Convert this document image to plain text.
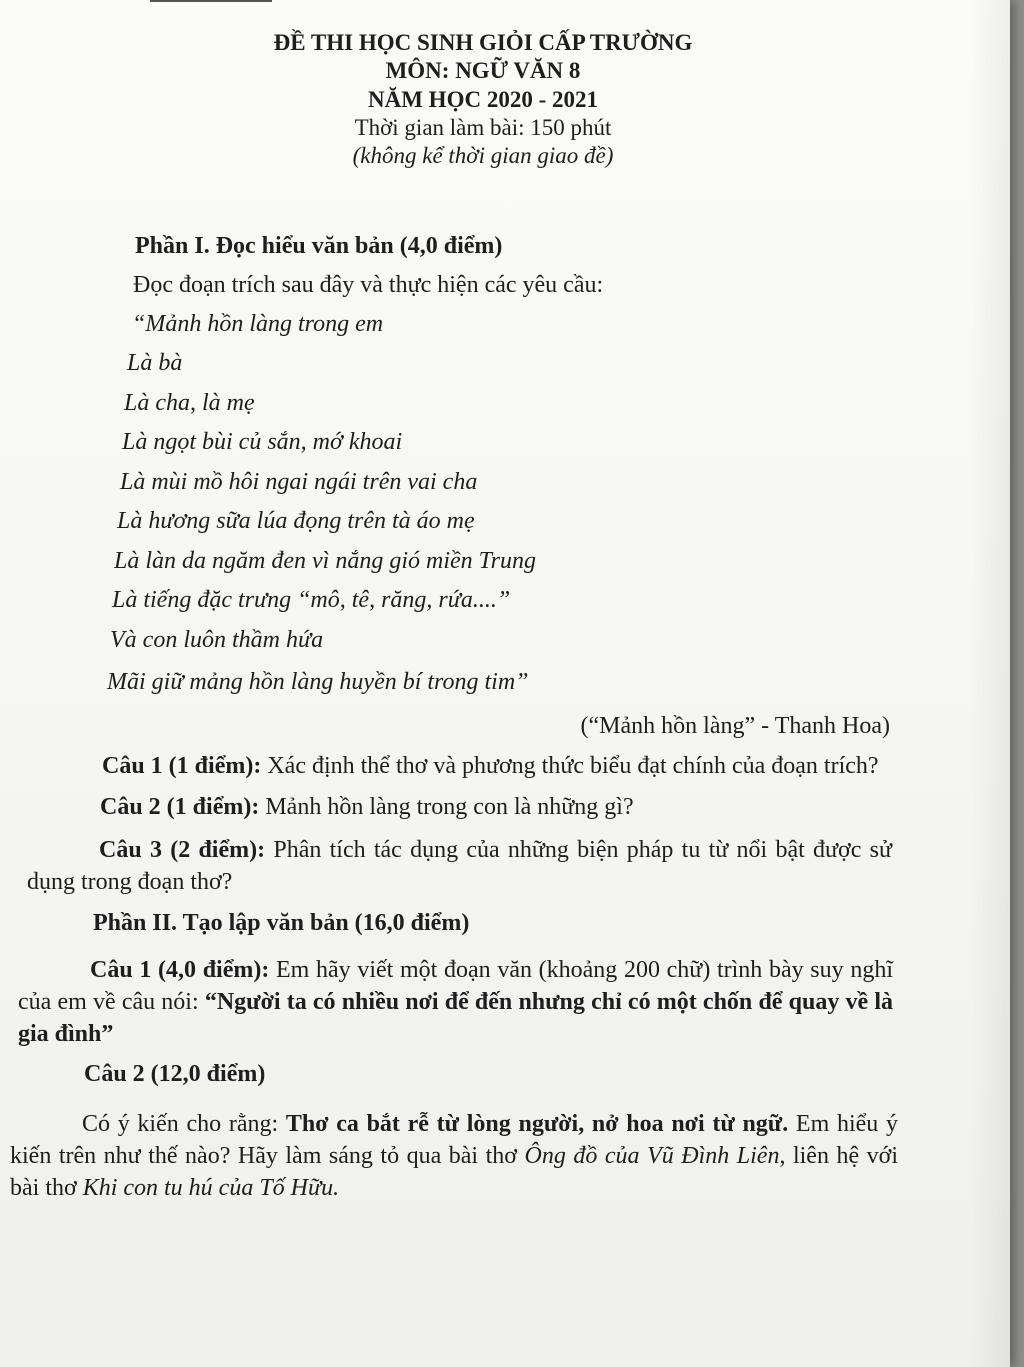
ĐỀ THI HỌC SINH GIỎI CẤP TRƯỜNG
MÔN: NGỮ VĂN 8
NĂM HỌC 2020 - 2021
Thời gian làm bài: 150 phút
(không kể thời gian giao đề)
Phần I. Đọc hiểu văn bản (4,0 điểm)
Đọc đoạn trích sau đây và thực hiện các yêu cầu:
“Mảnh hồn làng trong em
Là bà
Là cha, là mẹ
Là ngọt bùi củ sắn, mớ khoai
Là mùi mồ hôi ngai ngái trên vai cha
Là hương sữa lúa đọng trên tà áo mẹ
Là làn da ngăm đen vì nắng gió miền Trung
Là tiếng đặc trưng “mô, tê, răng, rứa....”
Và con luôn thầm hứa
Mãi giữ mảng hồn làng huyền bí trong tim”
(“Mảnh hồn làng” - Thanh Hoa)
Câu 1 (1 điểm): Xác định thể thơ và phương thức biểu đạt chính của đoạn trích?
Câu 2 (1 điểm): Mảnh hồn làng trong con là những gì?
Câu 3 (2 điểm): Phân tích tác dụng của những biện pháp tu từ nổi bật được sử dụng trong đoạn thơ?
Phần II. Tạo lập văn bản (16,0 điểm)
Câu 1 (4,0 điểm): Em hãy viết một đoạn văn (khoảng 200 chữ) trình bày suy nghĩ của em về câu nói: “Người ta có nhiều nơi để đến nhưng chỉ có một chốn để quay về là gia đình”
Câu 2 (12,0 điểm)
Có ý kiến cho rằng: Thơ ca bắt rễ từ lòng người, nở hoa nơi từ ngữ. Em hiểu ý kiến trên như thế nào? Hãy làm sáng tỏ qua bài thơ Ông đồ của Vũ Đình Liên, liên hệ với bài thơ Khi con tu hú của Tố Hữu.
